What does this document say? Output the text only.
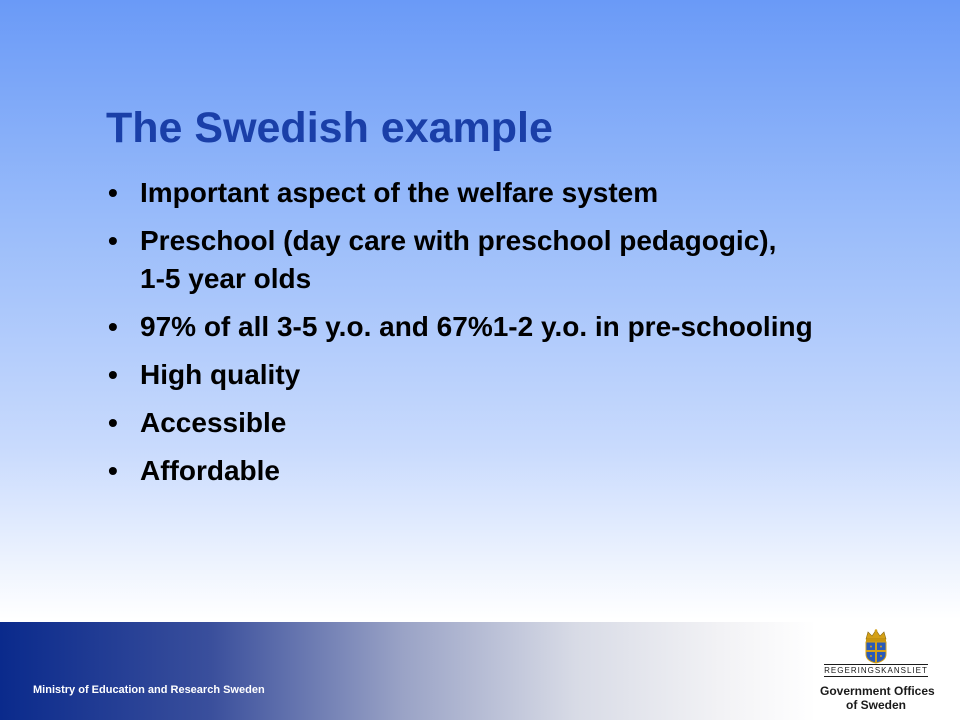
The Swedish example
• Important aspect of the welfare system
• Preschool (day care with preschool pedagogic),
1-5 year olds
• 97% of all 3-5 y.o. and 67%1-2 y.o. in pre-schooling
• High quality
• Accessible
• Affordable
Ministry of Education and Research Sweden
REGERINGSKANSLIET
Government Offices
of Sweden
